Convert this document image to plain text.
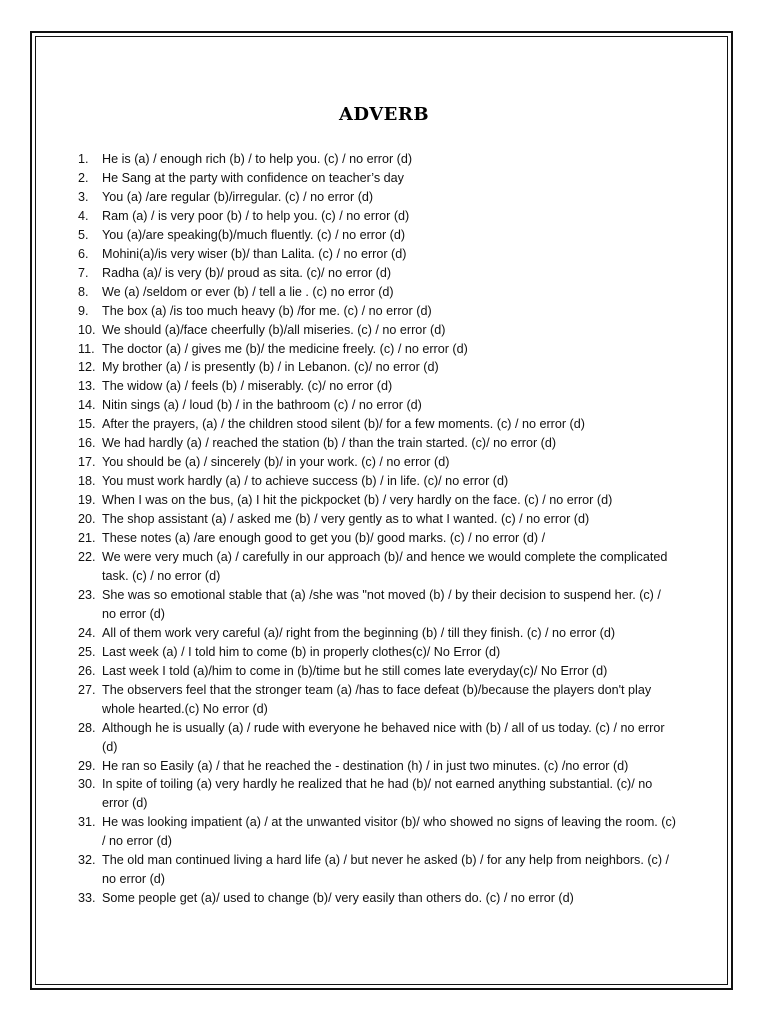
ADVERB
1.	He is (a) / enough rich (b) / to help you. (c) / no error (d)
2.	He Sang at the party with confidence on teacher’s day
3.	You (a) /are regular (b)/irregular. (c) / no error (d)
4.	Ram (a) / is very poor (b) / to help you. (c) / no error (d)
5.	You (a)/are speaking(b)/much fluently. (c) / no error (d)
6.	Mohini(a)/is very wiser (b)/ than Lalita. (c) / no error (d)
7.	Radha (a)/ is very (b)/ proud as sita. (c)/ no error (d)
8.	We (a) /seldom or ever (b) / tell a lie . (c) no error (d)
9.	The box (a) /is too much heavy (b) /for me. (c) / no error (d)
10. We should (a)/face cheerfully (b)/all miseries. (c) / no error (d)
11. The doctor (a) / gives me (b)/ the medicine freely. (c) / no error (d)
12. My brother (a) / is presently (b) / in Lebanon. (c)/ no error (d)
13. The widow (a) / feels (b) / miserably. (c)/ no error (d)
14. Nitin sings (a) / loud (b) / in the bathroom (c) / no error (d)
15. After the prayers, (a) / the children stood silent (b)/ for a few moments. (c) / no error (d)
16. We had hardly (a) / reached the station (b) / than the train started. (c)/ no error (d)
17. You should be (a) / sincerely (b)/ in your work. (c) / no error (d)
18. You must work hardly (a) / to achieve success (b) / in life. (c)/ no error (d)
19. When I was on the bus, (a) I hit the pickpocket (b) / very hardly on the face. (c) / no error (d)
20. The shop assistant (a) / asked me (b) / very gently as to what I wanted. (c) / no error (d)
21. These notes (a) /are enough good to get you (b)/ good marks. (c) / no error (d) /
22. We were very much (a) / carefully in our approach (b)/ and hence we would complete the complicated task. (c) / no error (d)
23. She was so emotional stable that (a) /she was "not moved (b) / by their decision to suspend her. (c) / no error (d)
24. All of them work very careful (a)/ right from the beginning (b) / till they finish. (c) / no error (d)
25. Last week (a) / I told him to come (b) in properly clothes(c)/ No Error (d)
26. Last week I told (a)/him to come in (b)/time but he still comes late everyday(c)/ No Error (d)
27. The observers feel that the stronger team (a) /has to face defeat (b)/because the players don't play whole hearted.(c) No error (d)
28. Although he is usually (a) / rude with everyone he behaved nice with (b) / all of us today. (c) / no error (d)
29. He ran so Easily (a) / that he reached the - destination (h) / in just two minutes. (c) /no error (d)
30. In spite of toiling (a) very hardly he realized that he had (b)/ not earned anything substantial. (c)/ no error (d)
31. He was looking impatient (a) / at the unwanted visitor (b)/ who showed no signs of leaving the room. (c) / no error (d)
32. The old man continued living a hard life (a) / but never he asked (b) / for any help from neighbors. (c) / no error (d)
33. Some people get (a)/ used to change (b)/ very easily than others do. (c) / no error (d)
